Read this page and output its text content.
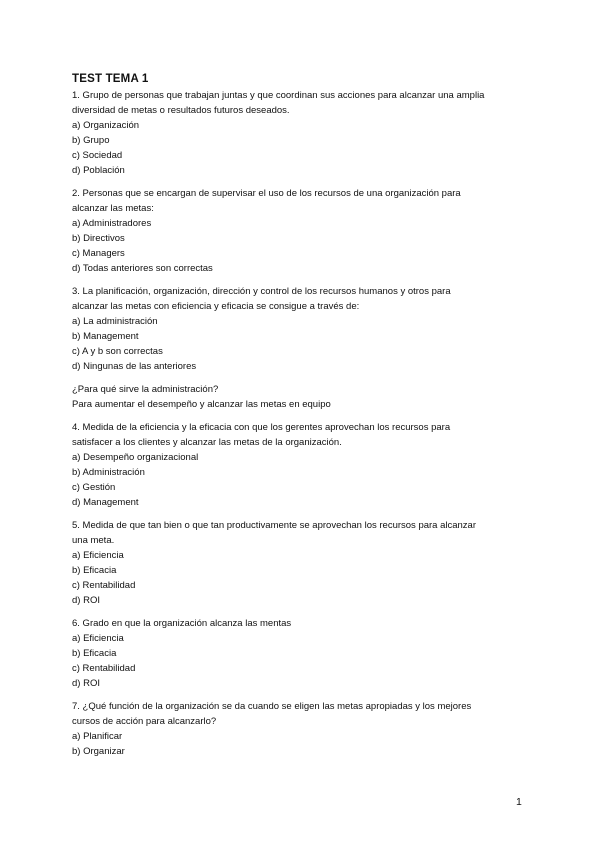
TEST TEMA 1
1. Grupo de personas que trabajan juntas y que coordinan sus acciones para alcanzar una amplia
diversidad de metas o resultados futuros deseados.
a) Organización
b) Grupo
c) Sociedad
d) Población
2. Personas que se encargan de supervisar el uso de los recursos de una organización para
alcanzar las metas:
a) Administradores
b) Directivos
c) Managers
d) Todas anteriores son correctas
3. La planificación, organización, dirección y control de los recursos humanos y otros para
alcanzar las metas con eficiencia y eficacia se consigue a través de:
a) La administración
b) Management
c) A y b son correctas
d) Ningunas de las anteriores
¿Para qué sirve la administración?
Para aumentar el desempeño y alcanzar las metas en equipo
4. Medida de la eficiencia y la eficacia con que los gerentes aprovechan los recursos para
satisfacer a los clientes y alcanzar las metas de la organización.
a) Desempeño organizacional
b) Administración
c) Gestión
d) Management
5. Medida de que tan bien o que tan productivamente se aprovechan los recursos para alcanzar
una meta.
a) Eficiencia
b) Eficacia
c) Rentabilidad
d) ROI
6. Grado en que la organización alcanza las mentas
a) Eficiencia
b) Eficacia
c) Rentabilidad
d) ROI
7. ¿Qué función de la organización se da cuando se eligen las metas apropiadas y los mejores
cursos de acción para alcanzarlo?
a) Planificar
b) Organizar
1
